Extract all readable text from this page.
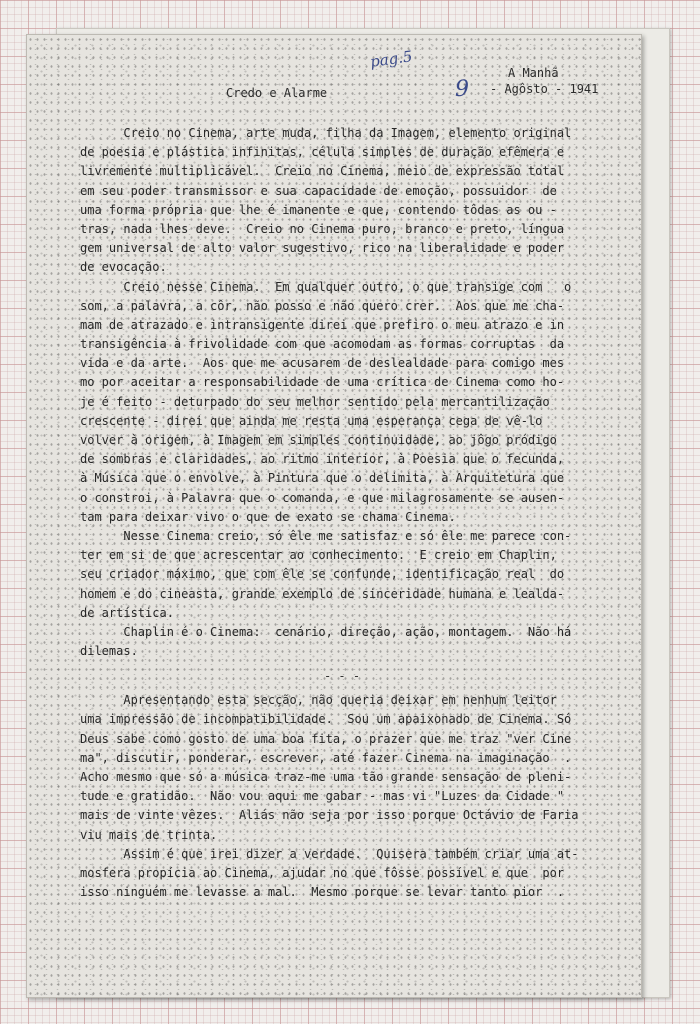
pag.5
9
Credo e Alarme
A Manhã
- Agôsto - 1941
Creio no Cinema, arte muda, filha da Imagem, elemento original
de poesia e plástica infinitas, célula simples de duração efêmera e
livremente multiplicável.  Creio no Cinema, meio de expressão total
em seu poder transmissor e sua capacidade de emoção, possuidor  de
uma forma própria que lhe é imanente e que, contendo tôdas as ou -
tras, nada lhes deve.  Creio no Cinema puro, branco e preto, língua
gem universal de alto valor sugestivo, rico na liberalidade e poder
de evocação.
Creio nesse Cinema.  Em qualquer outro, o que transige com   o
som, a palavra, a côr, não posso e não quero crer.  Aos que me cha-
mam de atrazado e intransigente direi que prefiro o meu atrazo e in
transigência à frivolidade com que acomodam as formas corruptas  da
vida e da arte.  Aos que me acusarem de deslealdade para comigo mes
mo por aceitar a responsabilidade de uma crítica de Cinema como ho-
je é feito - deturpado do seu melhor sentido pela mercantilização
crescente - direi que ainda me resta uma esperança cega de vê-lo
volver à origem, à Imagem em simples continuidade, ao jôgo pródigo
de sombras e claridades, ao ritmo interior, à Poesia que o fecunda,
à Música que o envolve, à Pintura que o delimita, à Arquitetura que
o constroi, à Palavra que o comanda, e que milagrosamente se ausen-
tam para deixar vivo o que de exato se chama Cinema.
Nesse Cinema creio, só êle me satisfaz e só êle me parece con-
ter em si de que acrescentar ao conhecimento.  E creio em Chaplin,
seu criador máximo, que com êle se confunde, identificação real  do
homem e do cineasta, grande exemplo de sinceridade humana e lealda-
de artística.
Chaplin é o Cinema:  cenário, direção, ação, montagem.  Não há
dilemas.
- - -
Apresentando esta secção, não queria deixar em nenhum leitor
uma impressão de incompatibilidade.  Sou um apaixonado de Cinema. Só
Deus sabe como gosto de uma boa fita, o prazer que me traz "ver Cine
ma", discutir, ponderar, escrever, até fazer Cinema na imaginação  .
Acho mesmo que só a música traz-me uma tão grande sensação de pleni-
tude e gratidão.  Não vou aqui me gabar - mas vi "Luzes da Cidade "
mais de vinte vêzes.  Aliás não seja por isso porque Octávio de Faria
viu mais de trinta.
Assim é que irei dizer a verdade.  Quisera também criar uma at-
mosfera propícia ao Cinema, ajudar no que fôsse possível e que  por
isso ninguém me levasse a mal.  Mesmo porque se levar tanto pior  .
